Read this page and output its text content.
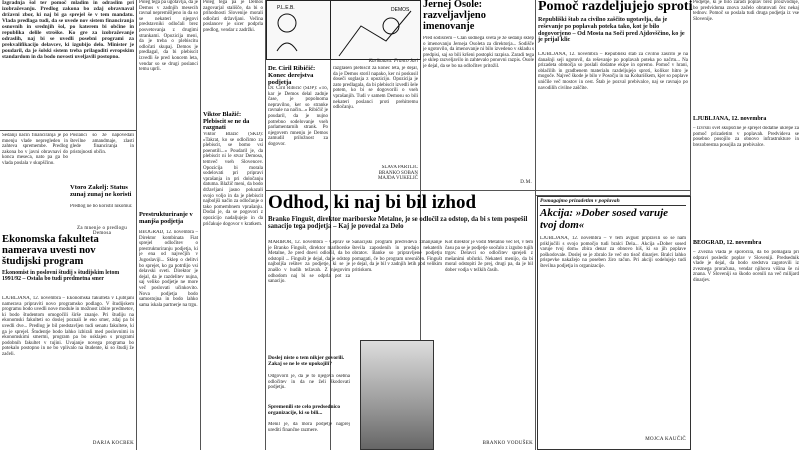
Izgradnja šol ter pomoč mladim in odraslim pri izobraževanju. Predlog zakona bo zdaj obravnaval državni zbor, ki naj bi ga sprejel še v tem mandatu. Vlada predlaga tudi, da se uvede nov sistem financiranja osnovnih in srednjih šol, po katerem bi občine in republika delile stroške. Ko gre za izobraževanje odraslih, naj bi se uvedli posebni programi za prekvalifikacijo delavcev, ki izgubijo delo. Minister je poudaril, da je šolski sistem treba prilagoditi evropskim standardom in da bodo novosti uveljavili postopno.
Ekonomska fakulteta namerava uvesti nov študijski program
Ekonomist in poslovni študij s študijskim letom 1991/92 – Ostala bo tudi predmetna smer
LJUBLJANA, 12. novembra – Ekonomska fakulteta v Ljubljani namerava pripraviti novo programsko podlago. V študijskem programu bodo uvedli nove module in možnost izbire predmetov, ki bodo študentom omogočili širše znanje. Pri študiju na ekonomski fakulteti so doslej poznali le eno smer, zdaj pa bi uvedli dve... Predlog je bil predstavljen tudi senatu fakultete, ki ga je sprejel. Študentje bodo lahko izbirali med poslovnimi in ekonomskimi smermi, program pa bo usklajen s programi podobnih fakultet v tujini. Uvajanje novega programa bo potekalo postopno in ne bo vplivalo na študente, ki so študij že začeli.
DARJA KOCBEK
Sedanji način financiranja je po mnenju vlade nepregleden in zahteva spremembe. Predlog zakona bo v javni obravnavi do konca meseca, nato pa ga bo vlada poslala v skupščino.
Poslanci so že napovedali številne amandmaje, zlasti glede financiranja in pristojnosti občin.
Vtoro Zakelj: Status zunaj zunaj ne koristi
Predlog ne bo koristil nikomur.
Za mnenje o predlogu Demosa
Poleg tega pa ugotavlja, da je Demos v zadnjih mesecih ravnal nepremišljeno in da so se nekateri njegovi predstavniki odločali brez posvetovanja z drugimi strankami. Opozicija meni, da je treba o plebiscitu odločati skupaj. Demos je predlagal, da bi plebiscit izvedli še pred koncem leta, vendar so se drugi poslanci temu uprli.
Prestrukturiranje v manjša podjetja
BEOGRAD, 12. novembra – Direktor kombinata Fiat sprejel odločitev o prestrukturiranju podjetja, ki je ena od največjih v Jugoslaviji... Sklep o delitvi bo sprejet, ko ga potrdijo vsi delavski sveti. Direktor je dejal, da je razdelitev nujna, saj veliko podjetje ne more več poslovati učinkovito. Nova podjetja bodo samostojna in bodo lahko sama iskala partnerje na trgu.
Poleg tega pa je Demos zagovarjal stališče, da bi o prihodnosti Slovenije morali odločati državljani. Večina poslancev je sicer podprla predlog, vendar z zadržki.
Viktor Blažič: Plebiscit se ne da razgnati
Viktor Blažič (SKD): »Takrat, ko se odločimo za plebiscit, se bomo vsi poenotili...« Poudaril je, da plebiscit ni le stvar Demosa, temveč vseh Slovencev. Opozicija bi morala sodelovati pri pripravi vprašanja in pri določanju datuma. Blažič meni, da bodo državljani jasno pokazali svojo voljo in da je plebiscit najboljši način za odločanje o tako pomembnem vprašanju. Dodal je, da se pogovori z opozicijo nadaljujejo in da pričakuje dogovor v kratkem.
P.L.E.B.	DEMOS
Karikatura: Franco Juri
Dr. Ciril Ribičič: Konec derejstva podjetja
Dr. Ciril Ribičič (SDP): »To, kar je Demos delal zadnje čase, je popolnoma nepravilno, ker so stranke ravnale na način...« Ribičič je poudaril, da je nujno potrebno sodelovanje vseh parlamentarnih strank. Po njegovem mnenju je Demos zamudil priložnost za dogovor.
razglašen plebiscit za konec leta, je dejal, da je Demos storil napako, ker ni poskusil doseči soglasja z opozicijo. Opozicija je zato predlagala, da bi plebiscit izvedli šele potem, ko bi se dogovorili o vseh vprašanjih. Tudi v samem Demosu so bili nekateri poslanci proti prehitremu odločanju.
SLAVA PARTLIČ
BRANKO SOBAN
MAJDA VUKELIČ
Jernej Osole: razveljavljeno imenovanje
Pred sodiščem – Član sodnega sveta je že sedanji sklep o imenovanju Jerneja Osoleta za direktorja... Sodišče je ugotovilo, da imenovanje ni bilo izvedeno v skladu s predpisi, saj so bili kršeni postopki razpisa. Zaradi tega je sklep razveljavilo in zahtevalo ponovni razpis. Osole je dejal, da se bo na odločitev pritožil.
D.M.
Pomoč razdeljujejo sproti
Republiški štab za civilno zaščito ugotavlja, da je reševanje po poplavah poteka tako, kot je bilo dogovorjeno – Od Mosta na Soči pred Ajdovščino, ko je je prijal klic
LJUBLJANA, 12. novembra – Republiški štab za civilno zaščito je na današnji seji ugotovil, da reševanje po poplavah poteka po načrtu... Na prizadeta območja so poslali dodatne ekipe in opremo. Pomoč v hrani, oblačilih in gradbenem materialu razdeljujejo sproti, kolikor hitro je mogoče. Največ škode je bilo v Posočju in na Kobariškem, kjer so poplave uničile več mostov in cest. Štab je pozval prebivalce, naj se ravnajo po navodilih civilne zaščite.
Odhod, ki naj bi bil izhod
Branko Fingušt, direktor mariborske Metalne, je se odločil za odstop, da bi s tem pospešil sanacijo tega podjetja – Kaj je povedal za Delo
MARIBOR, 12. novembra – Čeprav se je Branko Fingušt, direktor mariborske Metalne, že pred dnevi odločil, da bo odstopil ... Fingušt je dejal, da je odstop najboljša rešitev za podjetje, ki se je znašlo v hudih težavah. Z njegovim odhodom naj bi se odprla pot za sanacijo.
Doslej niste o tem nikjer govorili. Zakaj se ne le ste upokojili?
Odgovoril je, da je to njegova osebna odločitev in da ne želi škodovati podjetju.
Spremenili ste celo predsednico organizacije, ki so bili...
Menil je, da mora podjetje najprej urediti finančne razmere.
Sanacijski program predvideva zmanjšanje števila zaposlenih in prodajo nekaterih obratov. Banke so pripravljene podjetju pomagati, če bo program uresničen. Fingušt je dejal, da je bil v zadnjih letih pod velikim pritiskom.
Kot direktor je vodil Metalno več let, v tem času pa se je podjetje soočalo z izgubo tujih trgov. Delavci so odločitev sprejeli z mešanimi občutki. Nekateri menijo, da bi moral odstopiti že prej, drugi pa, da je bil dober vodja v težkih časih.
BRANKO VODUŠEK
Pomagajmo prizadetim v poplavah
Akcija: »Dober sosed varuje tvoj dom«
LJUBLJANA, 12. novembra – V tem avgust pripravili so se nam priključili s svojo pomočjo tudi bralci Dela... Akcija »Dober sosed varuje tvoj dom« zbira denar za obnovo hiš, ki so jih poplave poškodovale. Doslej se je zbralo že več sto tisoč dinarjev. Bralci lahko prispevke nakažejo na poseben žiro račun. Pri akciji sodelujejo tudi številna podjetja in organizacije.
MOJCA KAUČIČ
Podjetje, ki je bilo zaradi poplav brez proizvodnje, bo predvidoma znova začelo obratovati čez nekaj tednov. Pomoč so poslala tudi druga podjetja iz vse Slovenije.
LJUBLJANA, 12. novembra
– Izvršni svet skupščine je sprejel dodatne ukrepe za pomoč prizadetim v poplavah. Predvideva se posebno posojilo za obnovo infrastrukture in brezobrestna posojila za prebivalce.
BEOGRAD, 12. novembra
– Zvezna vlada je sporočila, da bo pomagala pri odpravi posledic poplav v Sloveniji. Predsednik vlade je dejal, da bodo sredstva zagotovili iz zveznega proračuna, vendar njihova višina še ni znana. V Sloveniji so škodo ocenili na več milijard dinarjev.
